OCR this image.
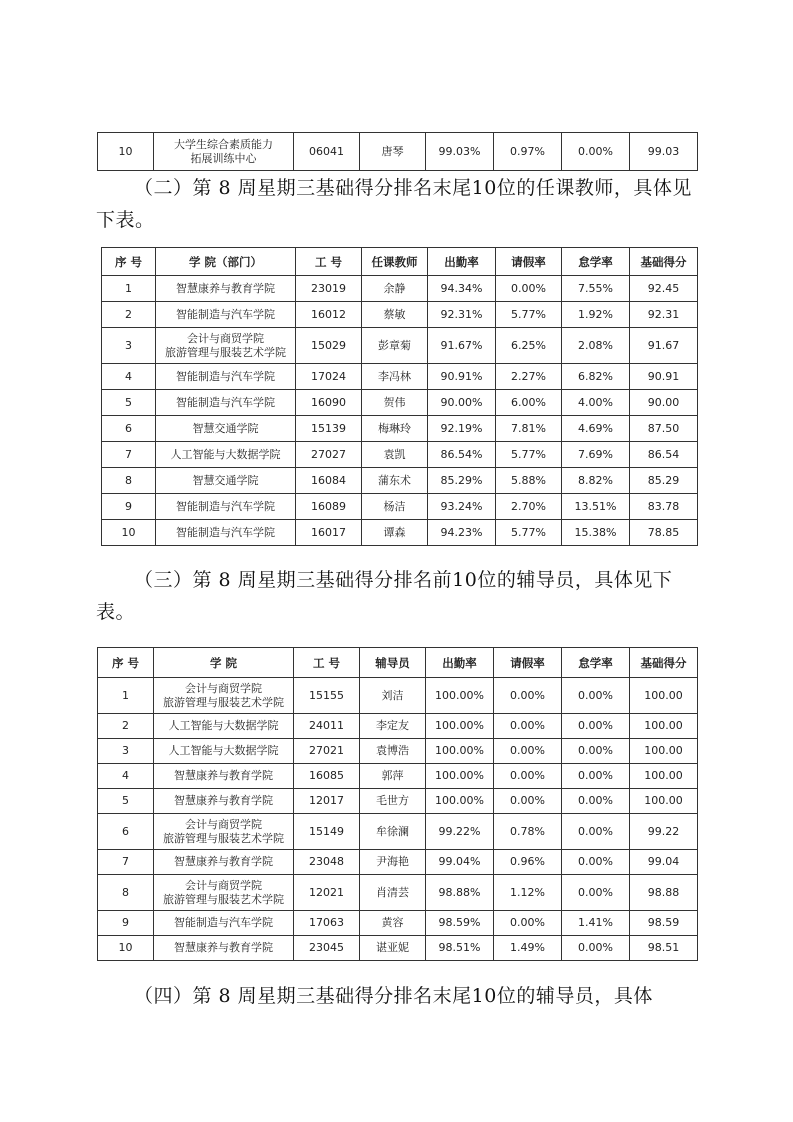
10	大学生综合素质能力
拓展训练中心	06041	唐琴	99.03%	0.97%	0.00%	99.03
（二）第 8 周星期三基础得分排名末尾10位的任课教师，具体见下表。
序 号	学 院（部门）	工 号	任课教师	出勤率	请假率	怠学率	基础得分
1	智慧康养与教育学院	23019	余静	94.34%	0.00%	7.55%	92.45
2	智能制造与汽车学院	16012	蔡敏	92.31%	5.77%	1.92%	92.31
3	会计与商贸学院
旅游管理与服装艺术学院	15029	彭章菊	91.67%	6.25%	2.08%	91.67
4	智能制造与汽车学院	17024	李冯林	90.91%	2.27%	6.82%	90.91
5	智能制造与汽车学院	16090	贺伟	90.00%	6.00%	4.00%	90.00
6	智慧交通学院	15139	梅琳玲	92.19%	7.81%	4.69%	87.50
7	人工智能与大数据学院	27027	袁凯	86.54%	5.77%	7.69%	86.54
8	智慧交通学院	16084	蒲东术	85.29%	5.88%	8.82%	85.29
9	智能制造与汽车学院	16089	杨洁	93.24%	2.70%	13.51%	83.78
10	智能制造与汽车学院	16017	谭森	94.23%	5.77%	15.38%	78.85
（三）第 8 周星期三基础得分排名前10位的辅导员，具体见下表。
序 号	学 院	工 号	辅导员	出勤率	请假率	怠学率	基础得分
1	会计与商贸学院
旅游管理与服装艺术学院	15155	刘洁	100.00%	0.00%	0.00%	100.00
2	人工智能与大数据学院	24011	李定友	100.00%	0.00%	0.00%	100.00
3	人工智能与大数据学院	27021	袁博浩	100.00%	0.00%	0.00%	100.00
4	智慧康养与教育学院	16085	郭萍	100.00%	0.00%	0.00%	100.00
5	智慧康养与教育学院	12017	毛世方	100.00%	0.00%	0.00%	100.00
6	会计与商贸学院
旅游管理与服装艺术学院	15149	牟徐澜	99.22%	0.78%	0.00%	99.22
7	智慧康养与教育学院	23048	尹海艳	99.04%	0.96%	0.00%	99.04
8	会计与商贸学院
旅游管理与服装艺术学院	12021	肖清芸	98.88%	1.12%	0.00%	98.88
9	智能制造与汽车学院	17063	黄容	98.59%	0.00%	1.41%	98.59
10	智慧康养与教育学院	23045	谌亚妮	98.51%	1.49%	0.00%	98.51
（四）第 8 周星期三基础得分排名末尾10位的辅导员，具体
